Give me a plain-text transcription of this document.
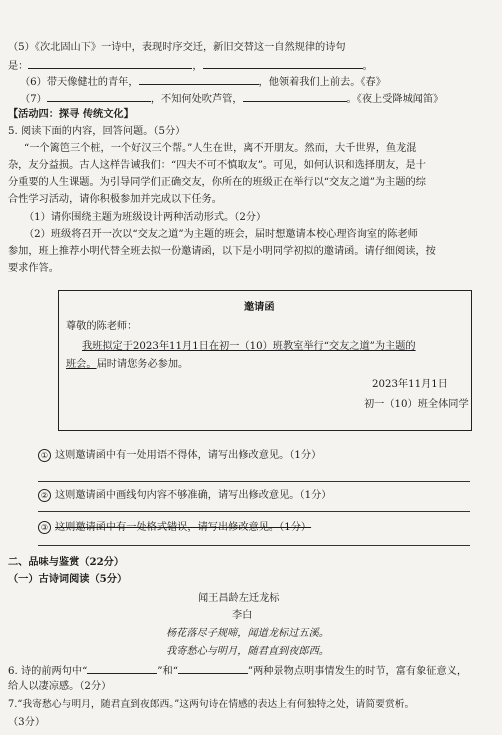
（5）《次北固山下》一诗中，表现时序交迁，新旧交替这一自然规律的诗句
是：	，	。
（6）带天像健壮的青年，	，他领着我们上前去。《春》
（7）	，不知何处吹芦管，	。《夜上受降城闻笛》
【活动四：探寻 传统文化】
5. 阅读下面的内容，回答问题。（5分）
“一个篱笆三个桩，一个好汉三个帮。”人生在世，离不开朋友。然而，大千世界，鱼龙混
杂，友分益损。古人这样告诫我们：“四夫不可不慎取友”。可见，如何认识和选择朋友，是十
分重要的人生课题。为引导同学们正确交友，你所在的班级正在举行以“交友之道”为主题的综
合性学习活动，请你积极参加并完成以下任务。
（1）请你围绕主题为班级设计两种活动形式。（2分）
（2）班级将召开一次以“交友之道”为主题的班会，届时想邀请本校心理咨询室的陈老师
参加，班上推荐小明代替全班去拟一份邀请函，以下是小明同学初拟的邀请函。请仔细阅读，按
要求作答。
邀请函
尊敬的陈老师：
我班拟定于2023年11月1日在初一（10）班教室举行“交友之道”为主题的
班会。届时请您务必参加。
2023年11月1日
初一（10）班全体同学
① 这则邀请函中有一处用语不得体，请写出修改意见。（1分）
② 这则邀请函中画线句内容不够准确，请写出修改意见。（1分）
③ 这则邀请函中有一处格式错误，请写出修改意见。（1分）
二、品味与鉴赏（22分）
（一）古诗词阅读（5分）
闻王昌龄左迁龙标
李白
杨花落尽子规啼，闻道龙标过五溪。
我寄愁心与明月，随君直到夜郎西。
6. 诗的前两句中“	”和“	”两种景物点明事情发生的时节，富有象征意义，
给人以凄凉感。（2分）
7.“我寄愁心与明月，随君直到夜郎西。”这两句诗在情感的表达上有何独特之处，请简要赏析。
（3分）
